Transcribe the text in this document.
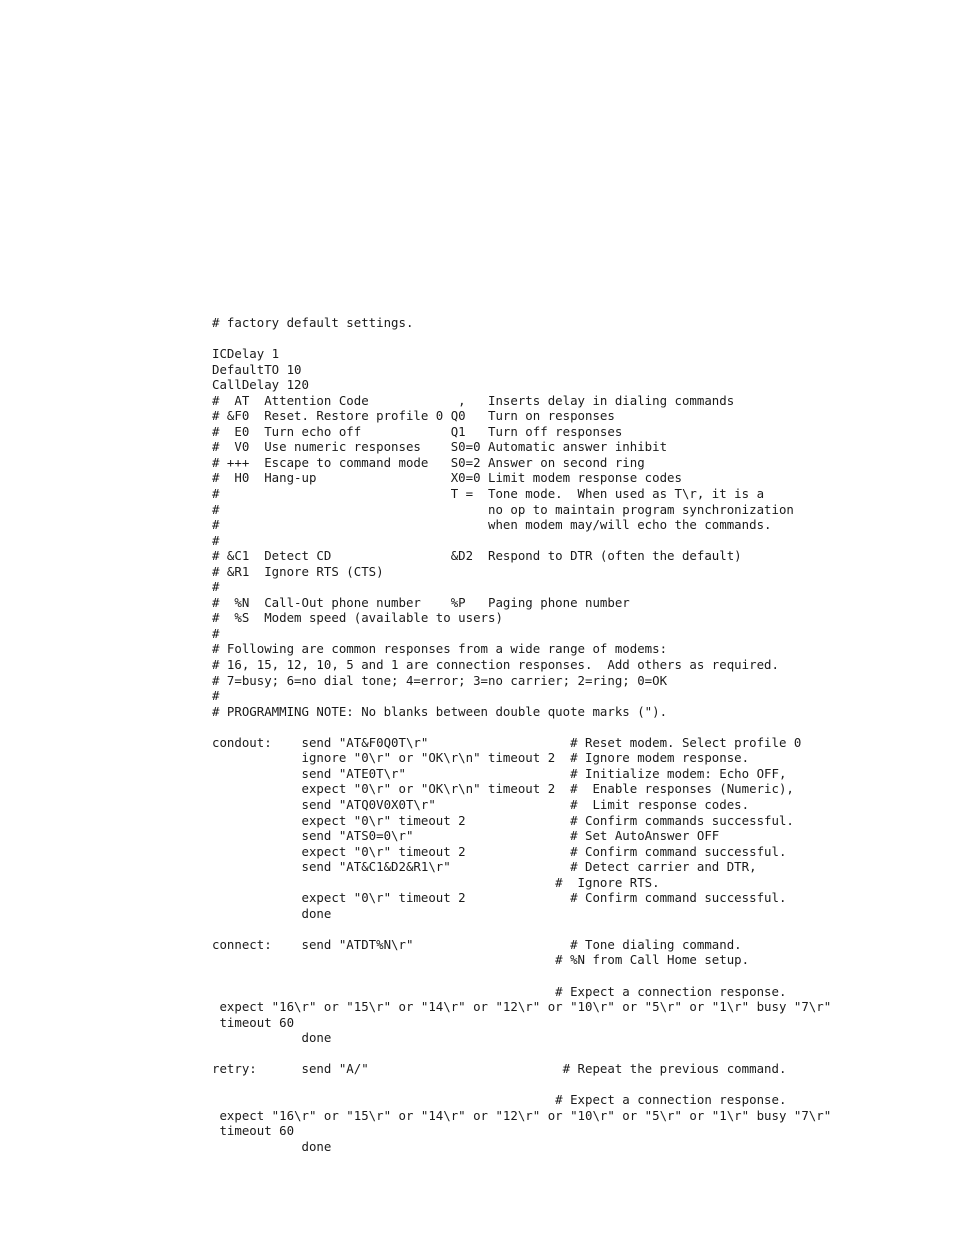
# factory default settings.
ICDelay 1
DefaultTO 10
CallDelay 120
#  AT  Attention Code            ,   Inserts delay in dialing commands
# &F0  Reset. Restore profile 0 Q0   Turn on responses
#  E0  Turn echo off            Q1   Turn off responses
#  V0  Use numeric responses    S0=0 Automatic answer inhibit
# +++  Escape to command mode   S0=2 Answer on second ring
#  H0  Hang-up                  X0=0 Limit modem response codes
#                               T =  Tone mode.  When used as T\r, it is a
#                                    no op to maintain program synchronization
#                                    when modem may/will echo the commands.
#
# &C1  Detect CD                &D2  Respond to DTR (often the default)
# &R1  Ignore RTS (CTS)
#
#  %N  Call-Out phone number    %P   Paging phone number
#  %S  Modem speed (available to users)
#
# Following are common responses from a wide range of modems:
# 16, 15, 12, 10, 5 and 1 are connection responses.  Add others as required.
# 7=busy; 6=no dial tone; 4=error; 3=no carrier; 2=ring; 0=OK
#
# PROGRAMMING NOTE: No blanks between double quote marks (").
condout:    send "AT&F0Q0T\r"                   # Reset modem. Select profile 0
ignore "0\r" or "OK\r\n" timeout 2  # Ignore modem response.
send "ATE0T\r"                      # Initialize modem: Echo OFF,
expect "0\r" or "OK\r\n" timeout 2  #  Enable responses (Numeric),
send "ATQ0V0X0T\r"                  #  Limit response codes.
expect "0\r" timeout 2              # Confirm commands successful.
send "ATS0=0\r"                     # Set AutoAnswer OFF
expect "0\r" timeout 2              # Confirm command successful.
send "AT&C1&D2&R1\r"                # Detect carrier and DTR,
#  Ignore RTS.
expect "0\r" timeout 2              # Confirm command successful.
done
connect:    send "ATDT%N\r"                     # Tone dialing command.
# %N from Call Home setup.
# Expect a connection response.
expect "16\r" or "15\r" or "14\r" or "12\r" or "10\r" or "5\r" or "1\r" busy "7\r"
timeout 60
done
retry:      send "A/"                          # Repeat the previous command.
# Expect a connection response.
expect "16\r" or "15\r" or "14\r" or "12\r" or "10\r" or "5\r" or "1\r" busy "7\r"
timeout 60
done
